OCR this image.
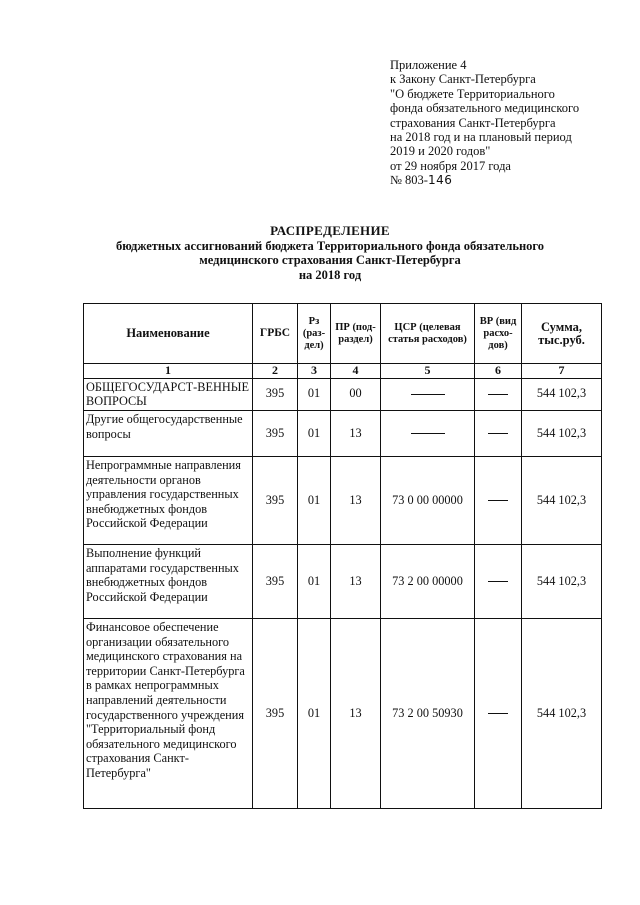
Приложение 4
к Закону Санкт-Петербурга
"О бюджете Территориального
фонда обязательного медицинского
страхования Санкт-Петербурга
на 2018 год и на плановый период
2019 и 2020 годов"
от 29 ноября 2017 года
№ 803-146
РАСПРЕДЕЛЕНИЕ
бюджетных ассигнований бюджета Территориального фонда обязательного
медицинского страхования Санкт-Петербурга
на 2018 год
Наименование	ГРБС	Рз (раз-дел)	ПР (под-раздел)	ЦСР (целевая статья расходов)	ВР (вид расхо-дов)	Сумма, тыс.руб.
1	2	3	4	5	6	7
ОБЩЕГОСУДАРСТ-ВЕННЫЕ ВОПРОСЫ	395	01	00			544 102,3
Другие общегосударственные вопросы	395	01	13			544 102,3
Непрограммные направления деятельности органов управления государственных внебюджетных фондов Российской Федерации	395	01	13	73 0 00 00000		544 102,3
Выполнение функций аппаратами государственных внебюджетных фондов Российской Федерации	395	01	13	73 2 00 00000		544 102,3
Финансовое обеспечение организации обязательного медицинского страхования на территории Санкт-Петербурга в рамках непрограммных направлений деятельности государственного учреждения "Территориальный фонд обязательного медицинского страхования Санкт-Петербурга"	395	01	13	73 2 00 50930		544 102,3
